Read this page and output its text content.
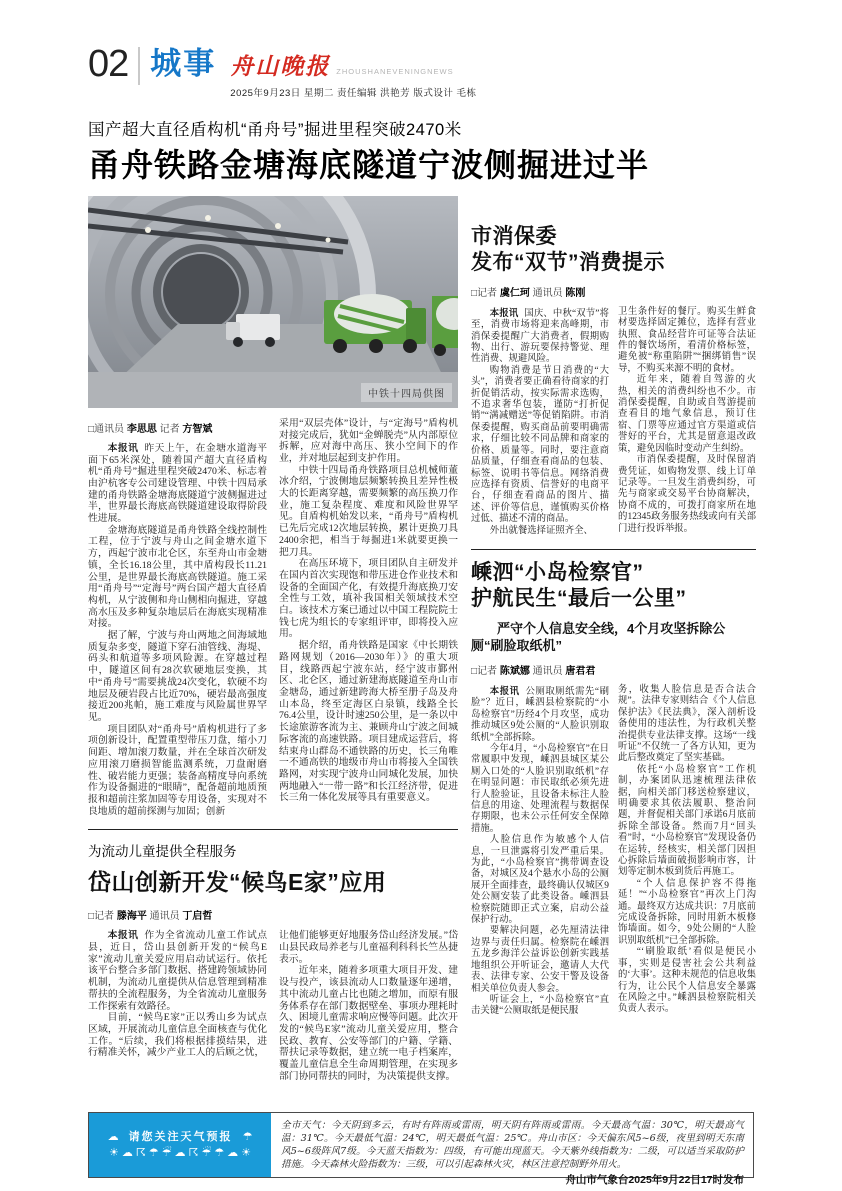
02 城事 舟山晚报 ZHOUSHANEVENINGNEWS
2025年9月23日 星期二 责任编辑 洪艳芳 版式设计 毛栋
国产超大直径盾构机“甬舟号”掘进里程突破2470米
甬舟铁路金塘海底隧道宁波侧掘进过半
中铁十四局供图
□通讯员 李思思 记者 方智斌

本报讯 昨天上午，在金塘水道海平面下65米深处，随着国产超大直径盾构机“甬舟号”掘进里程突破2470米、标志着由沪杭客专公司建设管理、中铁十四局承建的甬舟铁路金塘海底隧道宁波侧掘进过半，世界最长海底高铁隧道建设取得阶段性进展。

金塘海底隧道是甬舟铁路全线控制性工程，位于宁波与舟山之间金塘水道下方，西起宁波市北仑区，东至舟山市金塘镇，全长16.18公里，其中盾构段长11.21公里，是世界最长海底高铁隧道。施工采用“甬舟号”“定海号”两台国产超大直径盾构机，从宁波侧和舟山侧相向掘进，穿越高水压及多种复杂地层后在海底实现精准对接。

据了解，宁波与舟山两地之间海域地质复杂多变，隧道下穿石油管线、海堤、码头和航道等多项风险源。在穿越过程中，隧道区间有28次软硬地层变换，其中“甬舟号”需要挑战24次变化，软硬不均地层及硬岩段占比近70%，硬岩最高强度接近200兆帕，施工难度与风险属世界罕见。

项目团队对“甬舟号”盾构机进行了多项创新设计，配置重型带压刀盘，缩小刀间距、增加滚刀数量，并在全球首次研发应用滚刀磨损智能监测系统，刀盘耐磨性、破岩能力更强；装备高精度导向系统作为设备掘进的“眼睛”，配备超前地质预报和超前注浆加固等专用设备，实现对不良地质的超前探测与加固；创新

采用“双层壳体”设计，与“定海号”盾构机对接完成后，犹如“金蝉脱壳”从内部原位拆解，应对海中高压、狭小空间下的作业，并对地层起到支护作用。

中铁十四局甬舟铁路项目总机械师董冰介绍，宁波侧地层频繁转换且差异性极大的长距离穿越，需要频繁的高压换刀作业，施工复杂程度、难度和风险世界罕见。自盾构机始发以来，“甬舟号”盾构机已先后完成12次地层转换，累计更换刀具2400余把，相当于每掘进1米就要更换一把刀具。

在高压环境下，项目团队自主研发并在国内首次实现饱和带压进仓作业技术和设备的全面国产化，有效提升海底换刀安全性与工效，填补我国相关领域技术空白。该技术方案已通过以中国工程院院士钱七虎为组长的专家组评审，即将投入应用。

据介绍，甬舟铁路是国家《中长期铁路网规划（2016—2030年）》的重大项目，线路西起宁波东站，经宁波市鄞州区、北仑区，通过新建海底隧道至舟山市金塘岛，通过新建跨海大桥至册子岛及舟山本岛，终至定海区白泉镇，线路全长76.4公里，设计时速250公里，是一条以中长途旅游客流为主、兼顾舟山宁波之间城际客流的高速铁路。项目建成运营后，将结束舟山群岛不通铁路的历史，长三角唯一不通高铁的地级市舟山市将接入全国铁路网，对实现宁波舟山同城化发展，加快两地融入“一带一路”和长江经济带，促进长三角一体化发展等具有重要意义。

为流动儿童提供全程服务
岱山创新开发“候鸟E家”应用
□记者 滕海平 通讯员 丁启哲

本报讯 作为全省流动儿童工作试点县，近日，岱山县创新开发的“候鸟E家”流动儿童关爱应用启动试运行。依托该平台整合多部门数据、搭建跨领域协同机制，为流动儿童提供从信息管理到精准帮扶的全流程服务，为全省流动儿童服务工作探索有效路径。

目前，“候鸟E家”正以秀山乡为试点区域，开展流动儿童信息全面核查与优化工作。“后续，我们将根据排摸结果，进行精准关怀，减少产业工人的后顾之忧，

让他们能够更好地服务岱山经济发展。”岱山县民政局养老与儿童福利科科长竺丛捷表示。

近年来，随着多项重大项目开发、建设与投产，该县流动人口数量逐年递增，其中流动儿童占比也随之增加，而原有服务体系存在部门数据壁垒、事项办理耗时久、困境儿童需求响应慢等问题。此次开发的“候鸟E家”流动儿童关爱应用，整合民政、教育、公安等部门的户籍、学籍、帮扶记录等数据，建立统一电子档案库，覆盖儿童信息全生命周期管理，在实现多部门协同帮扶的同时，为决策提供支撑。

市消保委
发布“双节”消费提示
□记者 虞仁珂 通讯员 陈刚

本报讯 国庆、中秋“双节”将至，消费市场将迎来高峰期，市消保委提醒广大消费者，假期购物、出行、游玩要保持警觉、理性消费、规避风险。

购物消费是节日消费的“大头”，消费者要正确看待商家的打折促销活动，按实际需求选购，不追求奢华包装，谨防“打折促销”“满减赠送”等促销陷阱。市消保委提醒，购买商品前要明确需求，仔细比较不同品牌和商家的价格、质量等。同时，要注意商品质量，仔细查看商品的包装、标签、说明书等信息。网络消费应选择有资质、信誉好的电商平台，仔细查看商品的图片、描述、评价等信息，谨慎购买价格过低、描述不清的商品。

外出就餐选择证照齐全、

卫生条件好的餐厅。购买生鲜食材要选择固定摊位，选择有营业执照、食品经营许可证等合法证件的餐饮场所，看清价格标签，避免被“称重陷阱”“捆绑销售”误导，不购买来源不明的食材。

近年来，随着自驾游的火热，相关的消费纠纷也不少。市消保委提醒，自助或自驾游提前查看目的地气象信息，预订住宿、门票等应通过官方渠道或信誉好的平台，尤其是留意退改政策，避免因临时变动产生纠纷。

市消保委提醒，及时保留消费凭证，如购物发票、线上订单记录等。一旦发生消费纠纷，可先与商家或交易平台协商解决，协商不成的，可拨打商家所在地的12345政务服务热线或向有关部门进行投诉举报。

嵊泗“小岛检察官”
护航民生“最后一公里”
严守个人信息安全线，4个月攻坚拆除公厕“刷脸取纸机”
□记者 陈斌娜 通讯员 唐君君

本报讯 公厕取厕纸需先“刷脸”？近日，嵊泗县检察院的“小岛检察官”历经4个月攻坚，成功推动城区9处公厕的“人脸识别取纸机”全部拆除。

今年4月，“小岛检察官”在日常履职中发现，嵊泗县城区某公厕入口处的“人脸识别取纸机”存在明显问题：市民取纸必须先进行人脸验证，且设备未标注人脸信息的用途、处理流程与数据保存期限，也未公示任何安全保障措施。

人脸信息作为敏感个人信息，一旦泄露将引发严重后果。为此，“小岛检察官”携带调查设备，对城区及4个悬水小岛的公厕展开全面排查，最终确认仅城区9处公厕安装了此类设备。嵊泗县检察院随即正式立案，启动公益保护行动。

要解决问题，必先厘清法律边界与责任归属。检察院在嵊泗五龙乡海洋公益诉讼创新实践基地组织公开听证会，邀请人大代表、法律专家、公安干警及设备相关单位负责人参会。

听证会上，“小岛检察官”直击关键“公厕取纸是便民服

务，收集人脸信息是否合法合规”。法律专家则结合《个人信息保护法》《民法典》，深入剖析设备使用的违法性，为行政机关整治提供专业法律支撑。这场“一线听证”不仅统一了各方认知，更为此后整改奠定了坚实基础。

依托“小岛检察官”工作机制，办案团队迅速梳理法律依据，向相关部门移送检察建议，明确要求其依法履职、整治问题，并督促相关部门承诺6月底前拆除全部设备。然而7月“回头看”时，“小岛检察官”发现设备仍在运转，经核实，相关部门因担心拆除后墙面破损影响市容，计划等定制木板到货后再施工。

“个人信息保护容不得拖延！”“小岛检察官”再次上门沟通。最终双方达成共识：7月底前完成设备拆除，同时用新木板修饰墙面。如今，9处公厕的“人脸识别取纸机”已全部拆除。

“‘刷脸取纸’看似是便民小事，实则是侵害社会公共利益的‘大事’。这种未规范的信息收集行为，让公民个人信息安全暴露在风险之中。”嵊泗县检察院相关负责人表示。

☁ 请您关注天气预报 ☂
☀ ☁ ☈ ☂ ☔ ☁ ☈ ☔ ☂ ☁ ☀

全市天气：今天阴到多云，有时有阵雨或雷雨，明天阴有阵雨或雷雨。今天最高气温：30℃，明天最高气温：31℃。今天最低气温：24℃，明天最低气温：25℃。舟山市区：今天偏东风5~6级，夜里到明天东南风5~6级阵风7级。今天蓝天指数为：四级，有可能出现蓝天。今天紫外线指数为：二级，可以适当采取防护措施。今天森林火险指数为：三级，可以引起森林火灾，林区注意控制野外用火。

舟山市气象台2025年9月22日17时发布
